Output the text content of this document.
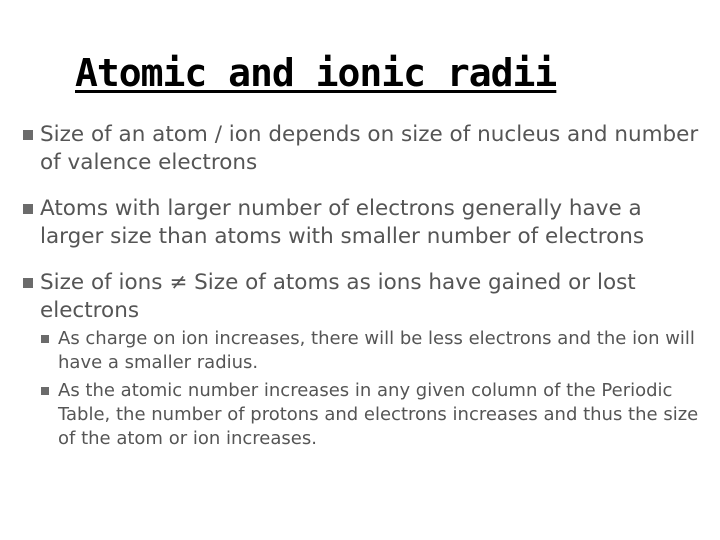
Atomic and ionic radii
Size of an atom / ion depends on size of nucleus and number of valence electrons
Atoms with larger number of electrons generally have a larger size than atoms with smaller number of electrons
Size of ions ≠ Size of atoms as ions have gained or lost electrons
As charge on ion increases, there will be less electrons and the ion will have a smaller radius.
As the atomic number increases in any given column of the Periodic Table, the number of protons and electrons increases and thus the size of the atom or ion increases.
